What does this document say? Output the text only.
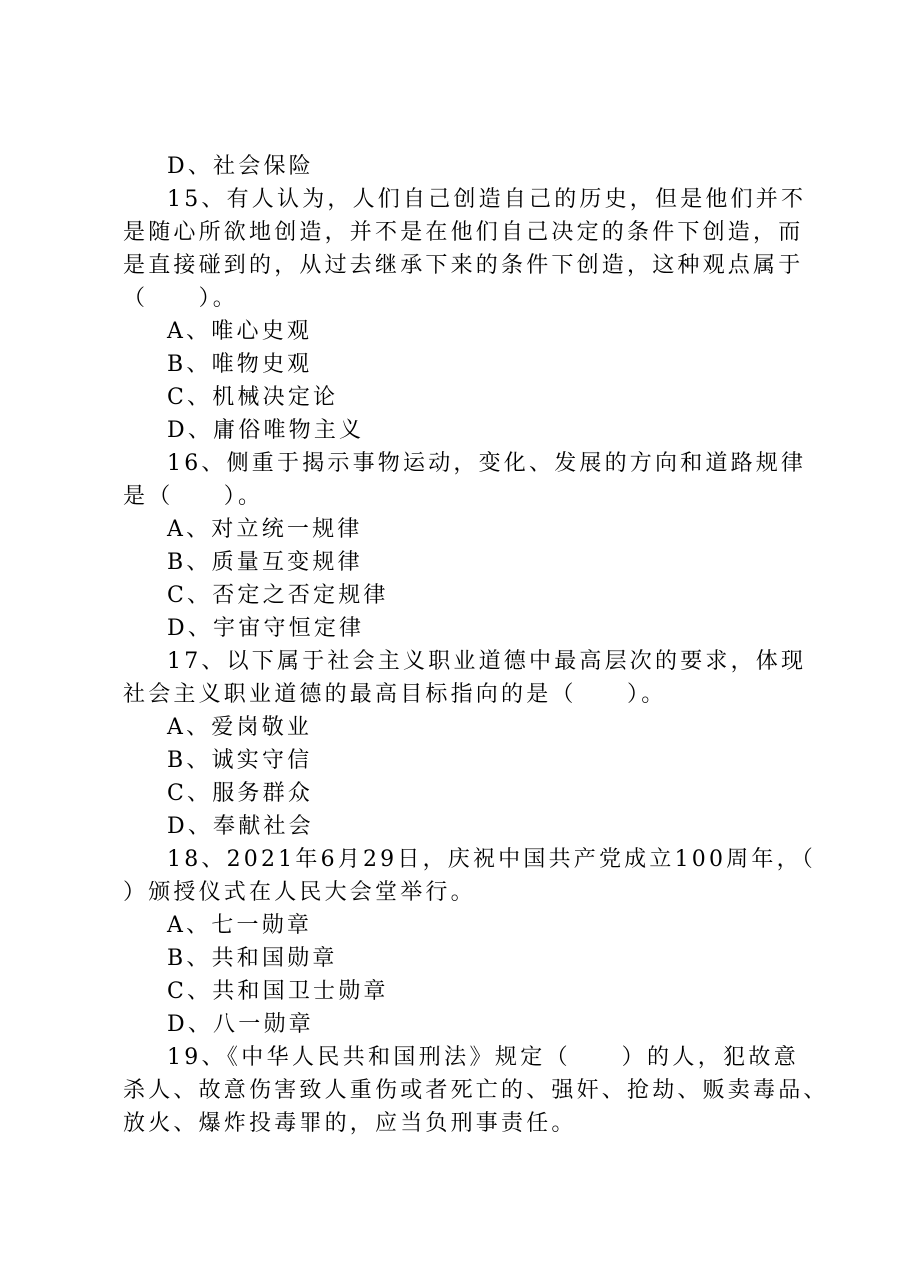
D、社会保险
15、有人认为，人们自己创造自己的历史，但是他们并不
是随心所欲地创造，并不是在他们自己决定的条件下创造，而
是直接碰到的，从过去继承下来的条件下创造，这种观点属于
（　　）。
A、唯心史观
B、唯物史观
C、机械决定论
D、庸俗唯物主义
16、侧重于揭示事物运动，变化、发展的方向和道路规律
是（　　）。
A、对立统一规律
B、质量互变规律
C、否定之否定规律
D、宇宙守恒定律
17、以下属于社会主义职业道德中最高层次的要求，体现
社会主义职业道德的最高目标指向的是（　　）。
A、爱岗敬业
B、诚实守信
C、服务群众
D、奉献社会
18、2021年6月29日，庆祝中国共产党成立100周年，（
）颁授仪式在人民大会堂举行。
A、七一勋章
B、共和国勋章
C、共和国卫士勋章
D、八一勋章
19、《中华人民共和国刑法》规定（　　）的人，犯故意
杀人、故意伤害致人重伤或者死亡的、强奸、抢劫、贩卖毒品、
放火、爆炸投毒罪的，应当负刑事责任。
